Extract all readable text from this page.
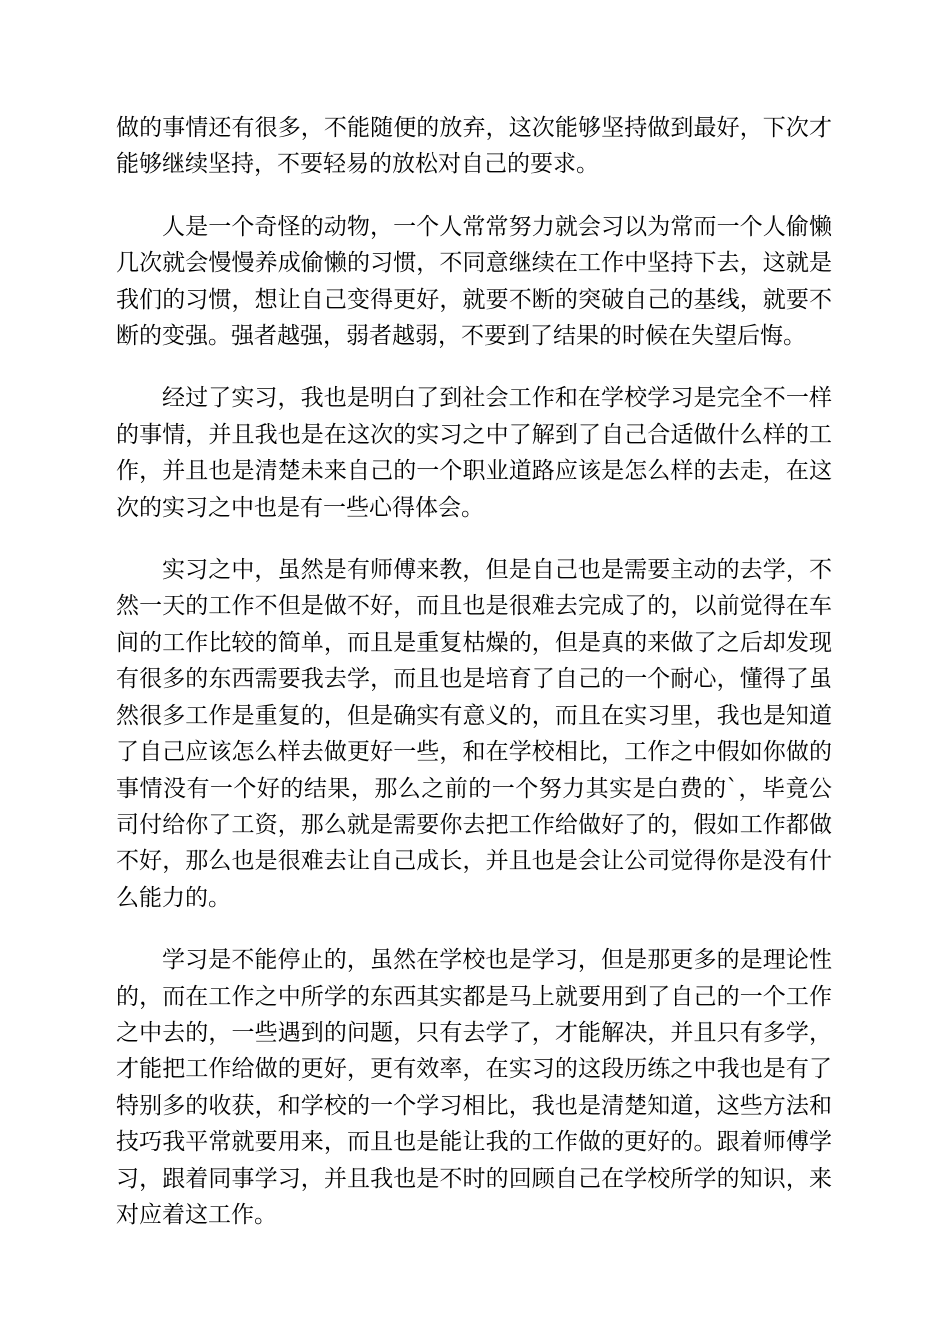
做的事情还有很多，不能随便的放弃，这次能够坚持做到最好，下次才能够继续坚持，不要轻易的放松对自己的要求。

人是一个奇怪的动物，一个人常常努力就会习以为常而一个人偷懒几次就会慢慢养成偷懒的习惯，不同意继续在工作中坚持下去，这就是我们的习惯，想让自己变得更好，就要不断的突破自己的基线，就要不断的变强。强者越强，弱者越弱，不要到了结果的时候在失望后悔。

经过了实习，我也是明白了到社会工作和在学校学习是完全不一样的事情，并且我也是在这次的实习之中了解到了自己合适做什么样的工作，并且也是清楚未来自己的一个职业道路应该是怎么样的去走，在这次的实习之中也是有一些心得体会。

实习之中，虽然是有师傅来教，但是自己也是需要主动的去学，不然一天的工作不但是做不好，而且也是很难去完成了的，以前觉得在车间的工作比较的简单，而且是重复枯燥的，但是真的来做了之后却发现有很多的东西需要我去学，而且也是培育了自己的一个耐心，懂得了虽然很多工作是重复的，但是确实有意义的，而且在实习里，我也是知道了自己应该怎么样去做更好一些，和在学校相比，工作之中假如你做的事情没有一个好的结果，那么之前的一个努力其实是白费的`，毕竟公司付给你了工资，那么就是需要你去把工作给做好了的，假如工作都做不好，那么也是很难去让自己成长，并且也是会让公司觉得你是没有什么能力的。

学习是不能停止的，虽然在学校也是学习，但是那更多的是理论性的，而在工作之中所学的东西其实都是马上就要用到了自己的一个工作之中去的，一些遇到的问题，只有去学了，才能解决，并且只有多学，才能把工作给做的更好，更有效率，在实习的这段历练之中我也是有了特别多的收获，和学校的一个学习相比，我也是清楚知道，这些方法和技巧我平常就要用来，而且也是能让我的工作做的更好的。跟着师傅学习，跟着同事学习，并且我也是不时的回顾自己在学校所学的知识，来对应着这工作。
